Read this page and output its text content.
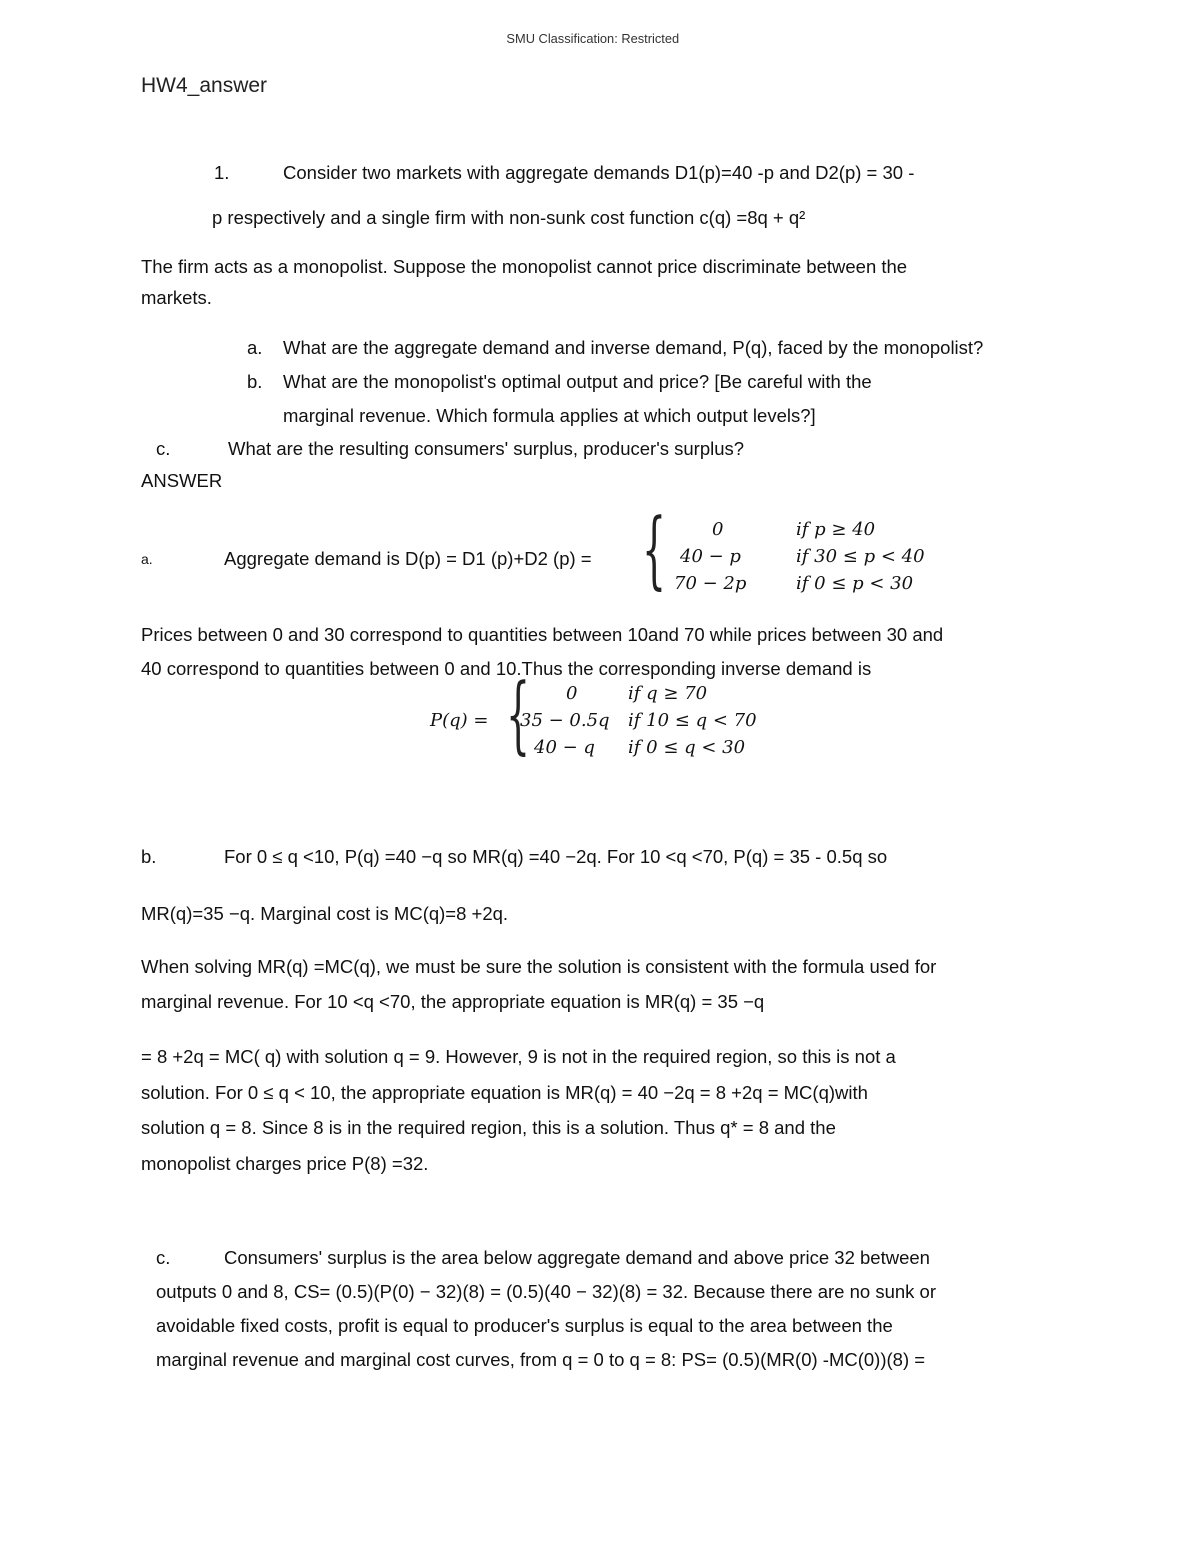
SMU Classification: Restricted
HW4_answer
1.	Consider two markets with aggregate demands D1(p)=40 -p and D2(p) = 30 -
p respectively and a single firm with non-sunk cost function c(q) =8q + q²
The firm acts as a monopolist. Suppose the monopolist cannot price discriminate between the
markets.
a. What are the aggregate demand and inverse demand, P(q), faced by the monopolist?
b. What are the monopolist's optimal output and price? [Be careful with the
marginal revenue. Which formula applies at which output levels?]
c.	What are the resulting consumers' surplus, producer's surplus?
ANSWER
a.	Aggregate demand is D(p) = D1 (p)+D2 (p) = {	0	if p ≥ 40
40 − p	if 30 ≤ p < 40
70 − 2p	if 0 ≤ p < 30
Prices between 0 and 30 correspond to quantities between 10and 70 while prices between 30 and
40 correspond to quantities between 0 and 10.Thus the corresponding inverse demand is
P(q) = { 0	if q ≥ 70
35 − 0.5q if 10 ≤ q < 70
40 − q if 0 ≤ q < 30
b.	For 0 ≤ q <10, P(q) =40 −q so MR(q) =40 −2q. For 10 <q <70, P(q) = 35 - 0.5q so
MR(q)=35 −q. Marginal cost is MC(q)=8 +2q.
When solving MR(q) =MC(q), we must be sure the solution is consistent with the formula used for
marginal revenue. For 10 <q <70, the appropriate equation is MR(q) = 35 −q
= 8 +2q = MC( q) with solution q = 9. However, 9 is not in the required region, so this is not a
solution. For 0 ≤ q < 10, the appropriate equation is MR(q) = 40 −2q = 8 +2q = MC(q)with
solution q = 8. Since 8 is in the required region, this is a solution. Thus q* = 8 and the
monopolist charges price P(8) =32.
c.	Consumers' surplus is the area below aggregate demand and above price 32 between
outputs 0 and 8, CS= (0.5)(P(0) − 32)(8) = (0.5)(40 − 32)(8) = 32. Because there are no sunk or
avoidable fixed costs, profit is equal to producer's surplus is equal to the area between the
marginal revenue and marginal cost curves, from q = 0 to q = 8: PS= (0.5)(MR(0) -MC(0))(8) =
